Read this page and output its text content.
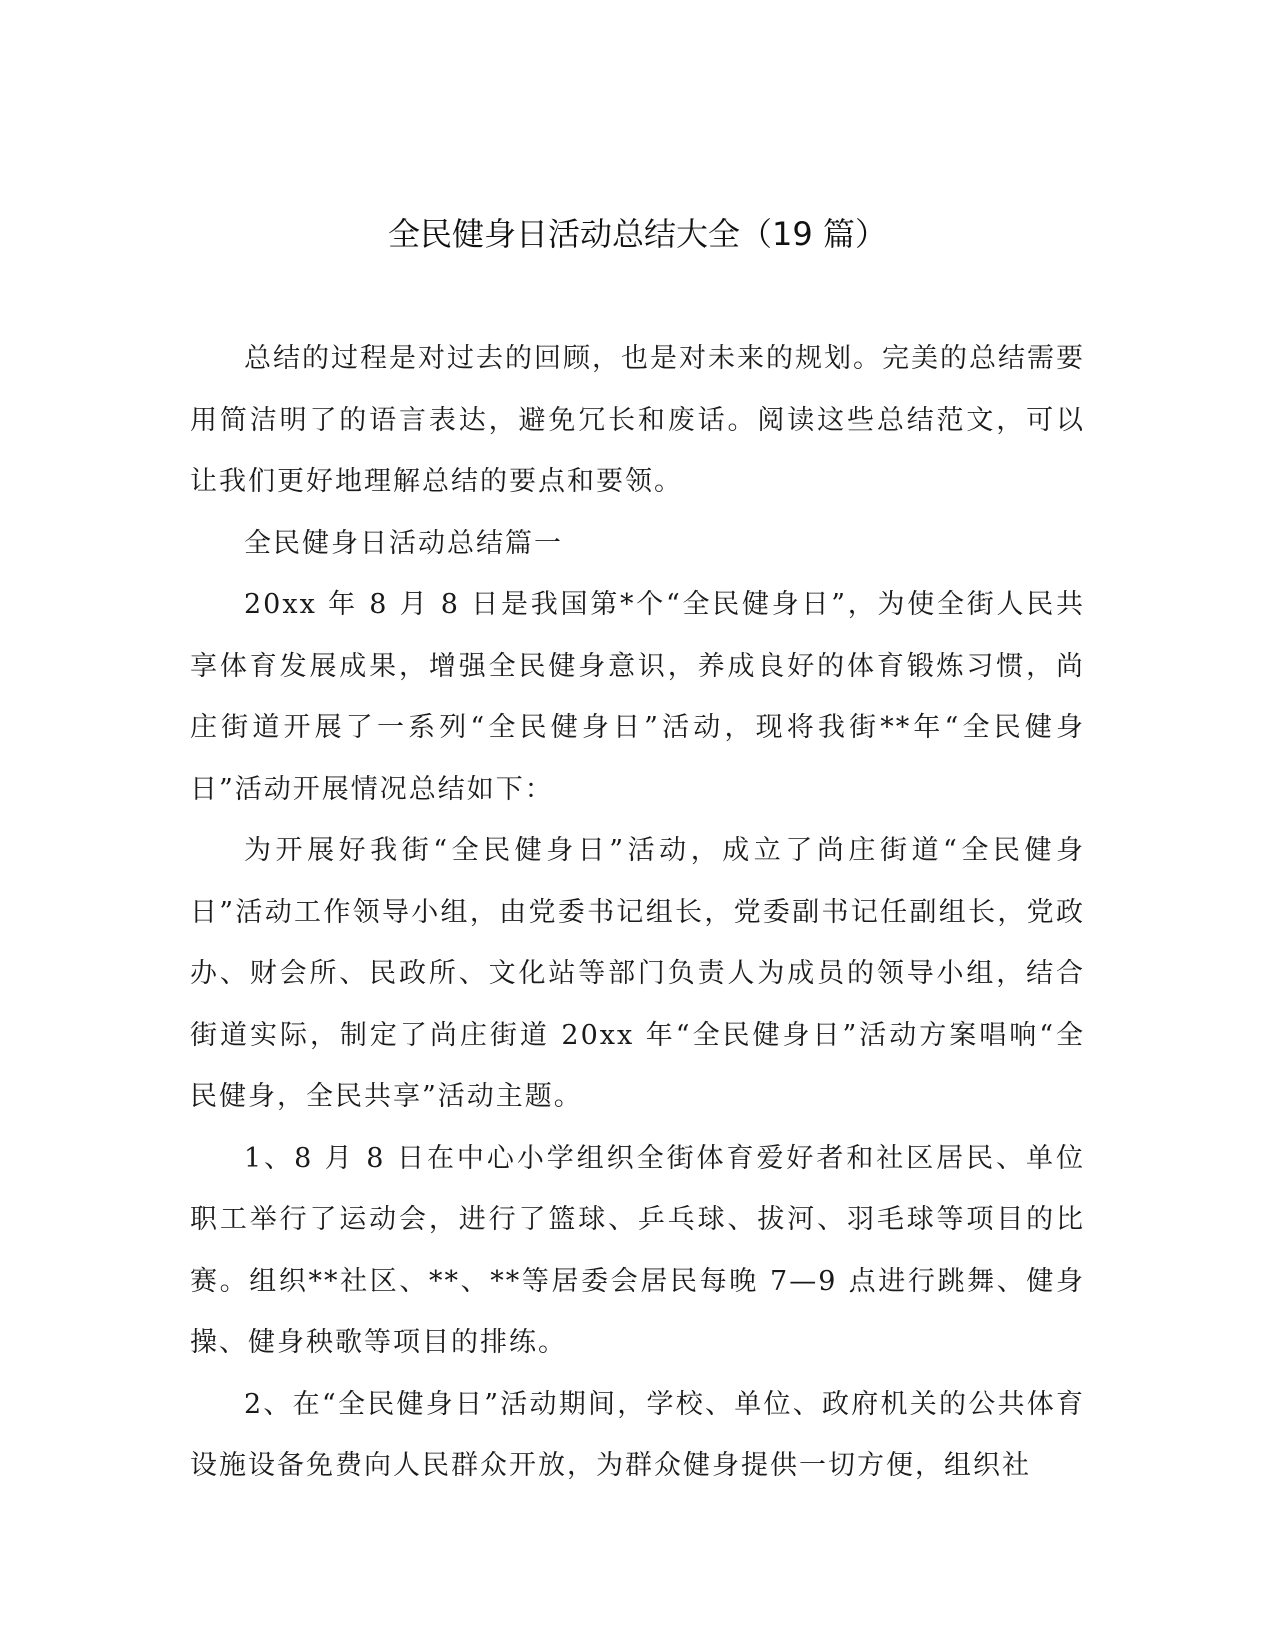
全民健身日活动总结大全（19 篇）

总结的过程是对过去的回顾，也是对未来的规划。完美的总结需要用简洁明了的语言表达，避免冗长和废话。阅读这些总结范文，可以让我们更好地理解总结的要点和要领。

全民健身日活动总结篇一

20xx 年 8 月 8 日是我国第*个“全民健身日”，为使全街人民共享体育发展成果，增强全民健身意识，养成良好的体育锻炼习惯，尚庄街道开展了一系列“全民健身日”活动，现将我街**年“全民健身日”活动开展情况总结如下：

为开展好我街“全民健身日”活动，成立了尚庄街道“全民健身日”活动工作领导小组，由党委书记组长，党委副书记任副组长，党政办、财会所、民政所、文化站等部门负责人为成员的领导小组，结合街道实际，制定了尚庄街道 20xx 年“全民健身日”活动方案唱响“全民健身，全民共享”活动主题。

1、8 月 8 日在中心小学组织全街体育爱好者和社区居民、单位职工举行了运动会，进行了篮球、乒乓球、拔河、羽毛球等项目的比赛。组织**社区、**、**等居委会居民每晚 7—9 点进行跳舞、健身操、健身秧歌等项目的排练。

2、在“全民健身日”活动期间，学校、单位、政府机关的公共体育设施设备免费向人民群众开放，为群众健身提供一切方便，组织社
